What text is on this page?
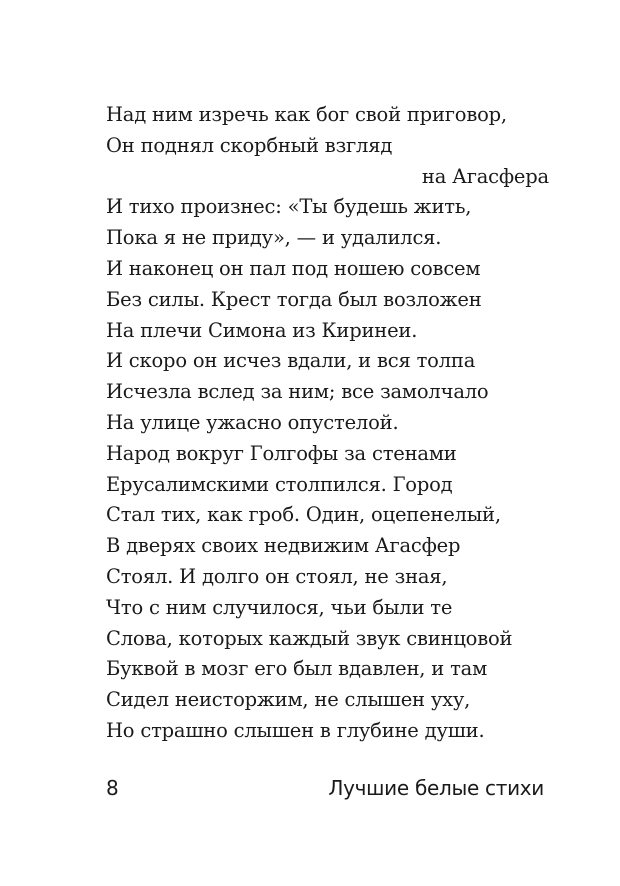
Над ним изречь как бог свой приговор,
Он поднял скорбный взгляд
на Агасфера
И тихо произнес: «Ты будешь жить,
Пока я не приду», — и удалился.
И наконец он пал под ношею совсем
Без силы. Крест тогда был возложен
На плечи Симона из Киринеи.
И скоро он исчез вдали, и вся толпа
Исчезла вслед за ним; все замолчало
На улице ужасно опустелой.
Народ вокруг Голгофы за стенами
Ерусалимскими столпился. Город
Стал тих, как гроб. Один, оцепенелый,
В дверях своих недвижим Агасфер
Стоял. И долго он стоял, не зная,
Что с ним случилося, чьи были те
Слова, которых каждый звук свинцовой
Буквой в мозг его был вдавлен, и там
Сидел неисторжим, не слышен уху,
Но страшно слышен в глубине души.
8	Лучшие белые стихи
